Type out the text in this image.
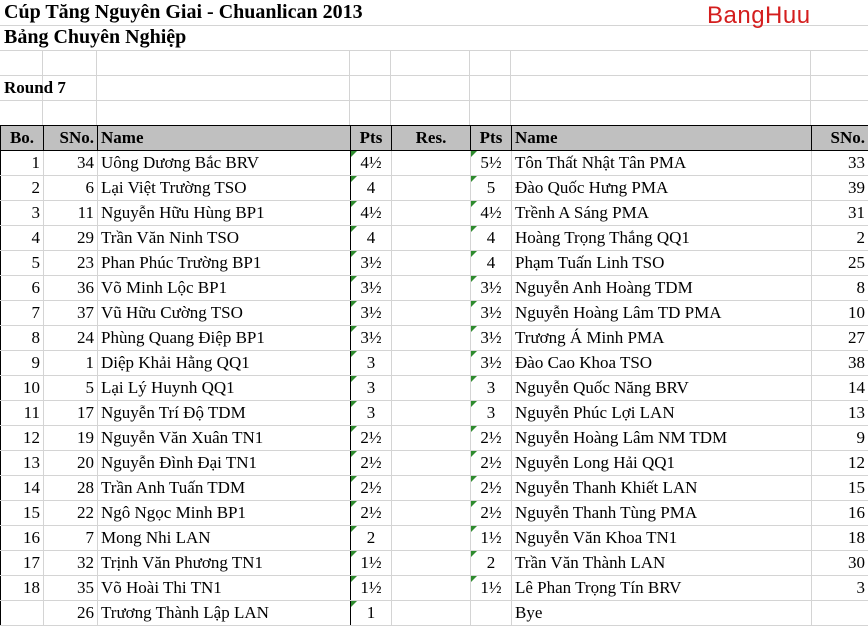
Cúp Tăng Nguyên Giai - Chuanlican 2013
Bảng Chuyên Nghiệp
Round 7
BangHuu
Bo.	SNo.	Name	Pts	Res.	Pts	Name	SNo.
1	34	Uông Dương Bắc BRV	4½		5½	Tôn Thất Nhật Tân PMA	33
2	6	Lại Việt Trường TSO	4		5	Đào Quốc Hưng PMA	39
3	11	Nguyễn Hữu Hùng BP1	4½		4½	Trềnh A Sáng PMA	31
4	29	Trần Văn Ninh TSO	4		4	Hoàng Trọng Thắng QQ1	2
5	23	Phan Phúc Trường BP1	3½		4	Phạm Tuấn Linh TSO	25
6	36	Võ Minh Lộc BP1	3½		3½	Nguyễn Anh Hoàng TDM	8
7	37	Vũ Hữu Cường TSO	3½		3½	Nguyễn Hoàng Lâm TD PMA	10
8	24	Phùng Quang Điệp BP1	3½		3½	Trương Á Minh PMA	27
9	1	Diệp Khải Hằng QQ1	3		3½	Đào Cao Khoa TSO	38
10	5	Lại Lý Huynh QQ1	3		3	Nguyễn Quốc Năng BRV	14
11	17	Nguyễn Trí Độ TDM	3		3	Nguyễn Phúc Lợi LAN	13
12	19	Nguyễn Văn Xuân TN1	2½		2½	Nguyễn Hoàng Lâm NM TDM	9
13	20	Nguyễn Đình Đại TN1	2½		2½	Nguyễn Long Hải QQ1	12
14	28	Trần Anh Tuấn TDM	2½		2½	Nguyễn Thanh Khiết LAN	15
15	22	Ngô Ngọc Minh BP1	2½		2½	Nguyễn Thanh Tùng PMA	16
16	7	Mong Nhi LAN	2		1½	Nguyễn Văn Khoa TN1	18
17	32	Trịnh Văn Phương TN1	1½		2	Trần Văn Thành LAN	30
18	35	Võ Hoài Thi TN1	1½		1½	Lê Phan Trọng Tín BRV	3
	26	Trương Thành Lập LAN	1			Bye	
